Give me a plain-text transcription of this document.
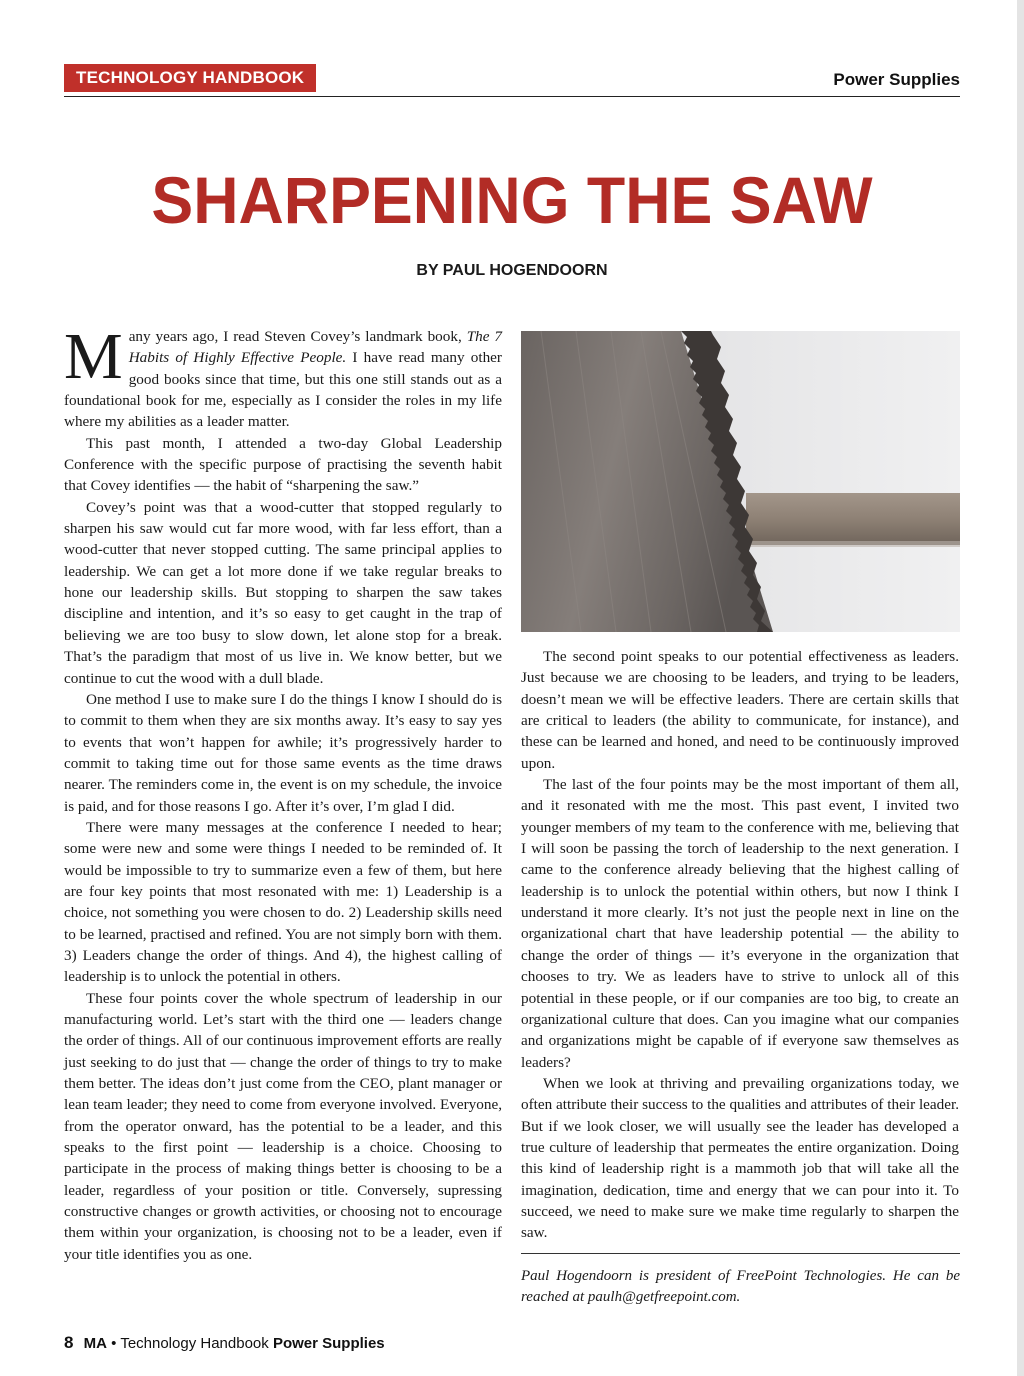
TECHNOLOGY HANDBOOK	Power Supplies
SHARPENING THE SAW
BY PAUL HOGENDOORN

Many years ago, I read Steven Covey’s landmark book, The 7 Habits of Highly Effective People. I have read many other good books since that time, but this one still stands out as a foundational book for me, especially as I consider the roles in my life where my abilities as a leader matter.

This past month, I attended a two-day Global Leadership Conference with the specific purpose of practising the seventh habit that Covey identifies — the habit of “sharpening the saw.”

Covey’s point was that a wood-cutter that stopped regularly to sharpen his saw would cut far more wood, with far less effort, than a wood-cutter that never stopped cutting. The same principal applies to leadership. We can get a lot more done if we take regular breaks to hone our leadership skills. But stopping to sharpen the saw takes discipline and intention, and it’s so easy to get caught in the trap of believing we are too busy to slow down, let alone stop for a break. That’s the paradigm that most of us live in. We know better, but we continue to cut the wood with a dull blade.

One method I use to make sure I do the things I know I should do is to commit to them when they are six months away. It’s easy to say yes to events that won’t happen for awhile; it’s progressively harder to commit to taking time out for those same events as the time draws nearer. The reminders come in, the event is on my schedule, the invoice is paid, and for those reasons I go. After it’s over, I’m glad I did.

There were many messages at the conference I needed to hear; some were new and some were things I needed to be reminded of. It would be impossible to try to summarize even a few of them, but here are four key points that most resonated with me: 1) Leadership is a choice, not something you were chosen to do. 2) Leadership skills need to be learned, practised and refined. You are not simply born with them. 3) Leaders change the order of things. And 4), the highest calling of leadership is to unlock the potential in others.

These four points cover the whole spectrum of leadership in our manufacturing world. Let’s start with the third one — leaders change the order of things. All of our continuous improvement efforts are really just seeking to do just that — change the order of things to try to make them better. The ideas don’t just come from the CEO, plant manager or lean team leader; they need to come from everyone involved. Everyone, from the operator onward, has the potential to be a leader, and this speaks to the first point — leadership is a choice. Choosing to participate in the process of making things better is choosing to be a leader, regardless of your position or title. Conversely, supressing constructive changes or growth activities, or choosing not to encourage them within your organization, is choosing not to be a leader, even if your title identifies you as one.

The second point speaks to our potential effectiveness as leaders. Just because we are choosing to be leaders, and trying to be leaders, doesn’t mean we will be effective leaders. There are certain skills that are critical to leaders (the ability to communicate, for instance), and these can be learned and honed, and need to be continuously improved upon.

The last of the four points may be the most important of them all, and it resonated with me the most. This past event, I invited two younger members of my team to the conference with me, believing that I will soon be passing the torch of leadership to the next generation. I came to the conference already believing that the highest calling of leadership is to unlock the potential within others, but now I think I understand it more clearly. It’s not just the people next in line on the organizational chart that have leadership potential — the ability to change the order of things — it’s everyone in the organization that chooses to try. We as leaders have to strive to unlock all of this potential in these people, or if our companies are too big, to create an organizational culture that does. Can you imagine what our companies and organizations might be capable of if everyone saw themselves as leaders?

When we look at thriving and prevailing organizations today, we often attribute their success to the qualities and attributes of their leader. But if we look closer, we will usually see the leader has developed a true culture of leadership that permeates the entire organization. Doing this kind of leadership right is a mammoth job that will take all the imagination, dedication, time and energy that we can pour into it. To succeed, we need to make sure we make time regularly to sharpen the saw.

Paul Hogendoorn is president of FreePoint Technologies. He can be reached at paulh@getfreepoint.com.
8 MA • Technology Handbook Power Supplies
